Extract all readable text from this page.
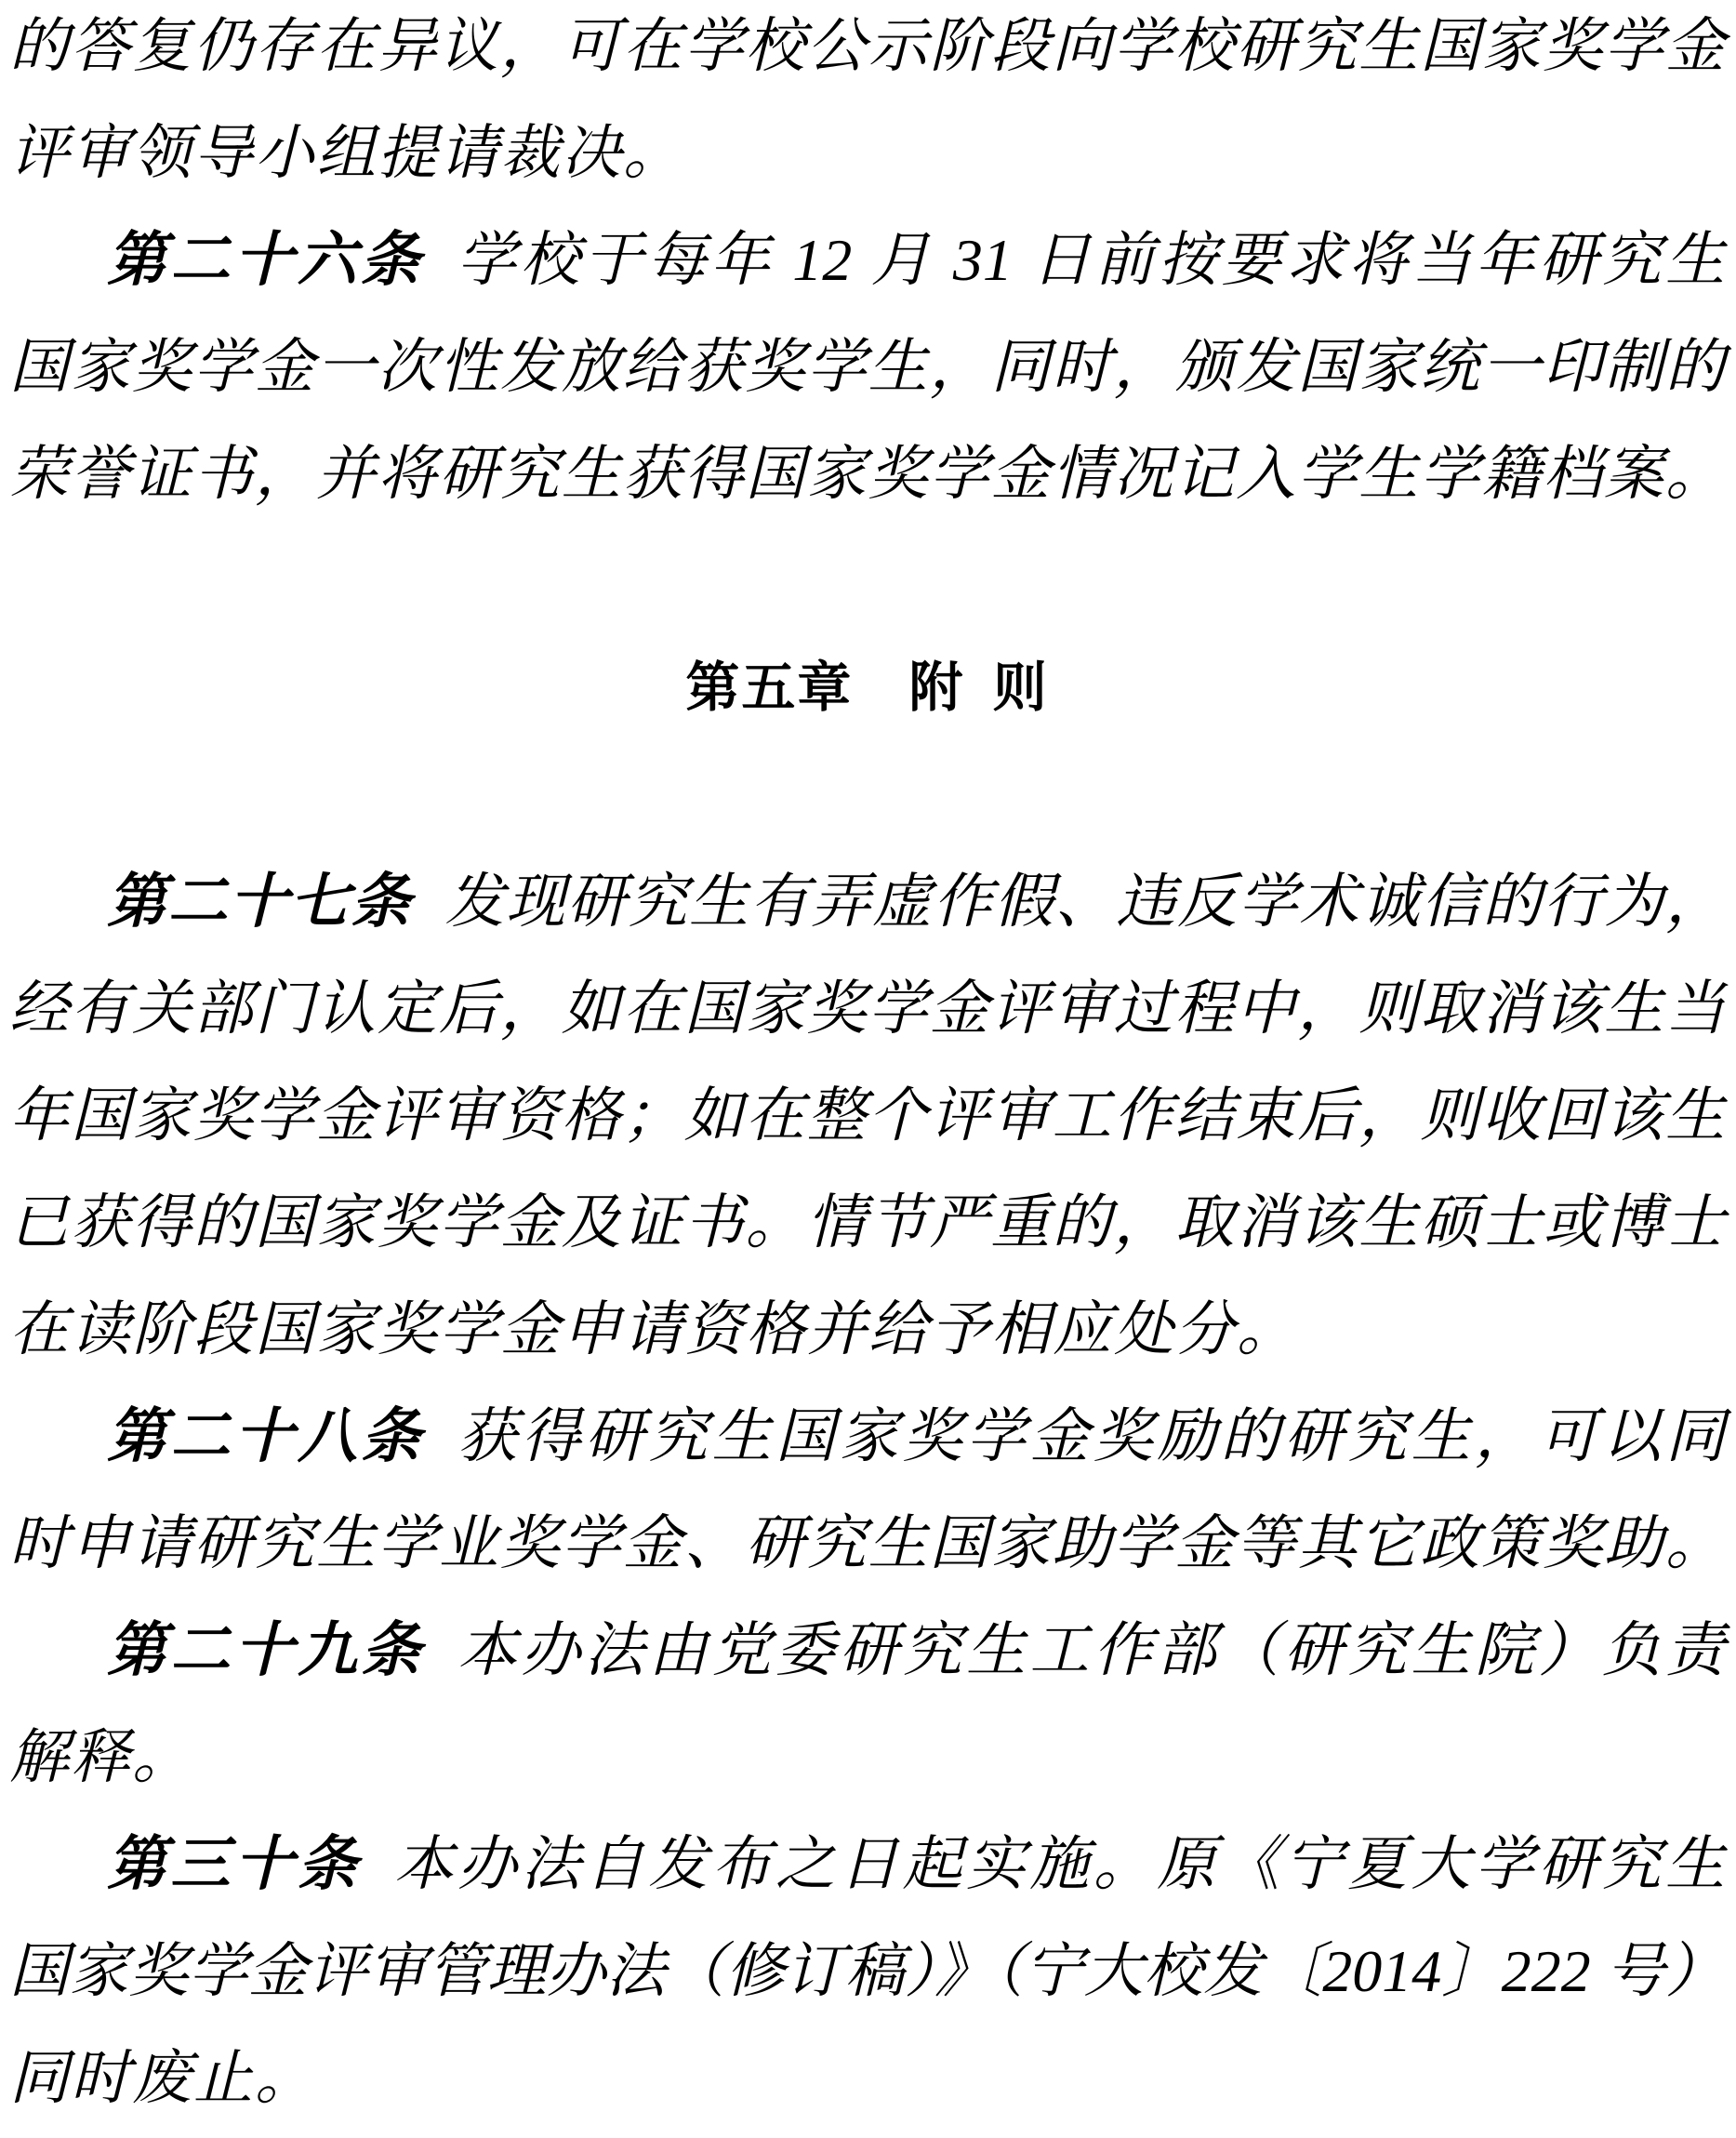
的答复仍存在异议，可在学校公示阶段向学校研究生国家奖学金
评审领导小组提请裁决。
第二十六条 学校于每年 12 月 31 日前按要求将当年研究生
国家奖学金一次性发放给获奖学生，同时，颁发国家统一印制的
荣誉证书，并将研究生获得国家奖学金情况记入学生学籍档案。
第五章  附 则
第二十七条 发现研究生有弄虚作假、违反学术诚信的行为，
经有关部门认定后，如在国家奖学金评审过程中，则取消该生当
年国家奖学金评审资格；如在整个评审工作结束后，则收回该生
已获得的国家奖学金及证书。情节严重的，取消该生硕士或博士
在读阶段国家奖学金申请资格并给予相应处分。
第二十八条 获得研究生国家奖学金奖励的研究生，可以同
时申请研究生学业奖学金、研究生国家助学金等其它政策奖助。
第二十九条 本办法由党委研究生工作部（研究生院）负责
解释。
第三十条 本办法自发布之日起实施。原《宁夏大学研究生
国家奖学金评审管理办法（修订稿）》（宁大校发〔2014〕222 号）
同时废止。
